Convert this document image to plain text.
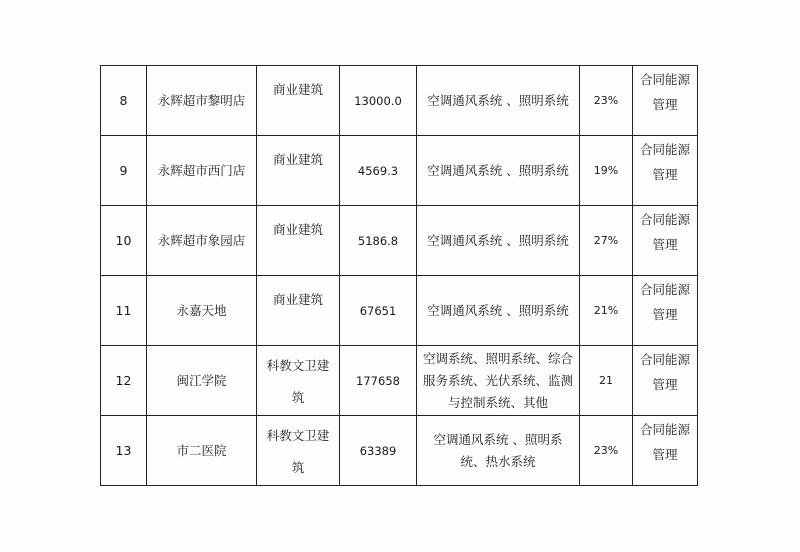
8	永辉超市黎明店	商业建筑	13000.0	空调通风系统 、照明系统	23%	合同能源
管理

9	永辉超市西门店	商业建筑	4569.3	空调通风系统 、照明系统	19%	合同能源
管理

10	永辉超市象园店	商业建筑	5186.8	空调通风系统 、照明系统	27%	合同能源
管理

11	永嘉天地	商业建筑	67651	空调通风系统 、照明系统	21%	合同能源
管理

12	闽江学院	科教文卫建
筑	177658	空调系统、照明系统、综合
服务系统、光伏系统、监测
与控制系统、其他	21	合同能源
管理

13	市二医院	科教文卫建
筑	63389	空调通风系统 、照明系
统、热水系统	23%	合同能源
管理
